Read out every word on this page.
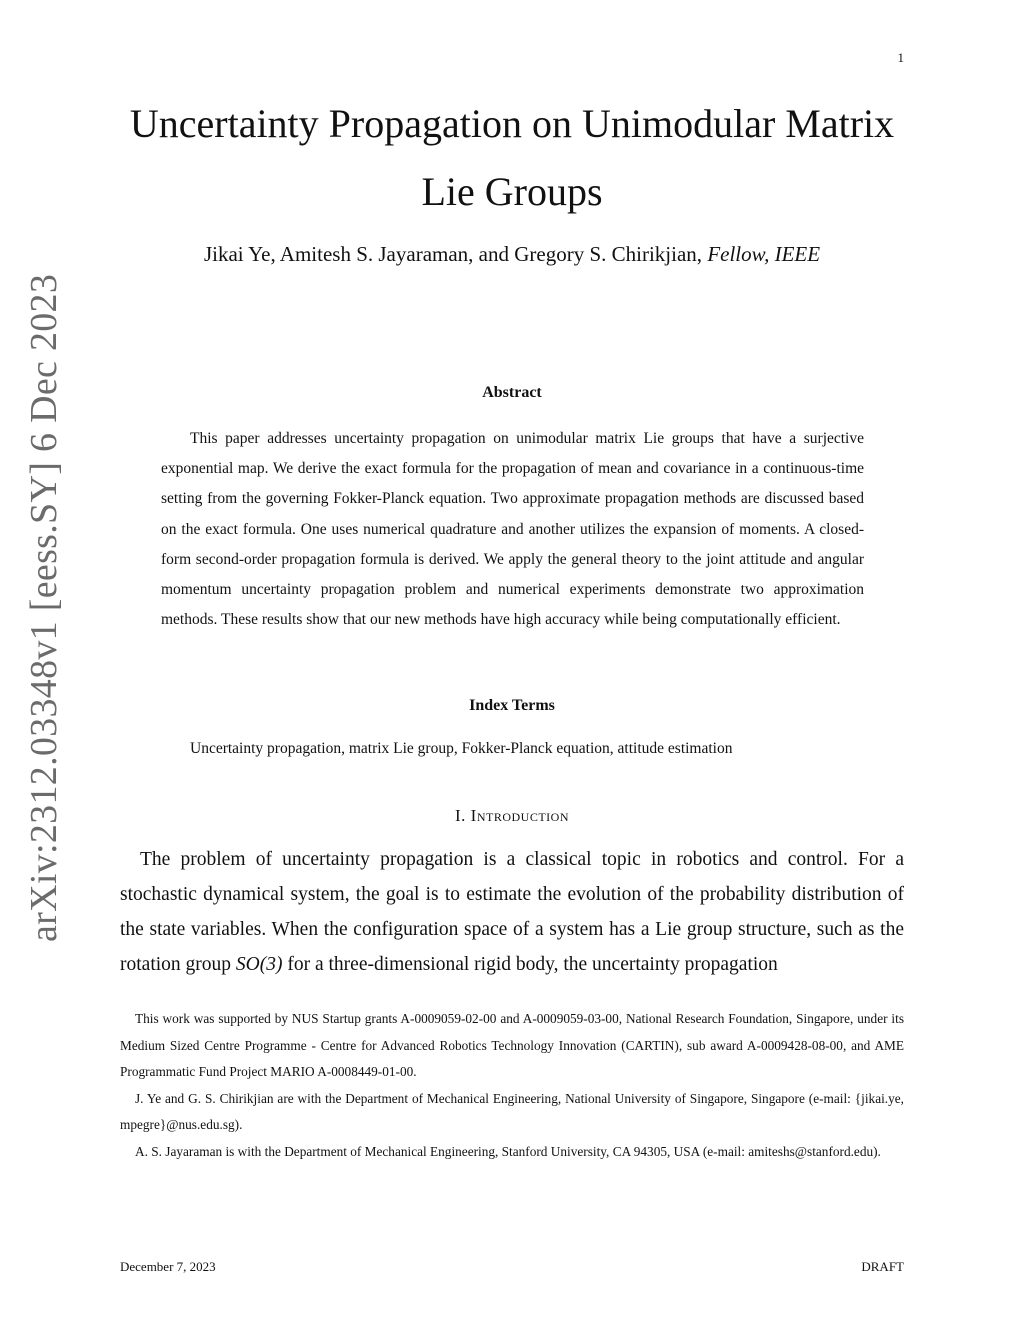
1
arXiv:2312.03348v1 [eess.SY] 6 Dec 2023
Uncertainty Propagation on Unimodular Matrix Lie Groups

Jikai Ye, Amitesh S. Jayaraman, and Gregory S. Chirikjian, Fellow, IEEE

Abstract

This paper addresses uncertainty propagation on unimodular matrix Lie groups that have a surjective exponential map. We derive the exact formula for the propagation of mean and covariance in a continuous-time setting from the governing Fokker-Planck equation. Two approximate propagation methods are discussed based on the exact formula. One uses numerical quadrature and another utilizes the expansion of moments. A closed-form second-order propagation formula is derived. We apply the general theory to the joint attitude and angular momentum uncertainty propagation problem and numerical experiments demonstrate two approximation methods. These results show that our new methods have high accuracy while being computationally efficient.

Index Terms

Uncertainty propagation, matrix Lie group, Fokker-Planck equation, attitude estimation

I. Introduction

The problem of uncertainty propagation is a classical topic in robotics and control. For a stochastic dynamical system, the goal is to estimate the evolution of the probability distribution of the state variables. When the configuration space of a system has a Lie group structure, such as the rotation group SO(3) for a three-dimensional rigid body, the uncertainty propagation

This work was supported by NUS Startup grants A-0009059-02-00 and A-0009059-03-00, National Research Foundation, Singapore, under its Medium Sized Centre Programme - Centre for Advanced Robotics Technology Innovation (CARTIN), sub award A-0009428-08-00, and AME Programmatic Fund Project MARIO A-0008449-01-00.

J. Ye and G. S. Chirikjian are with the Department of Mechanical Engineering, National University of Singapore, Singapore (e-mail: {jikai.ye, mpegre}@nus.edu.sg).

A. S. Jayaraman is with the Department of Mechanical Engineering, Stanford University, CA 94305, USA (e-mail: amiteshs@stanford.edu).

December 7, 2023	DRAFT
